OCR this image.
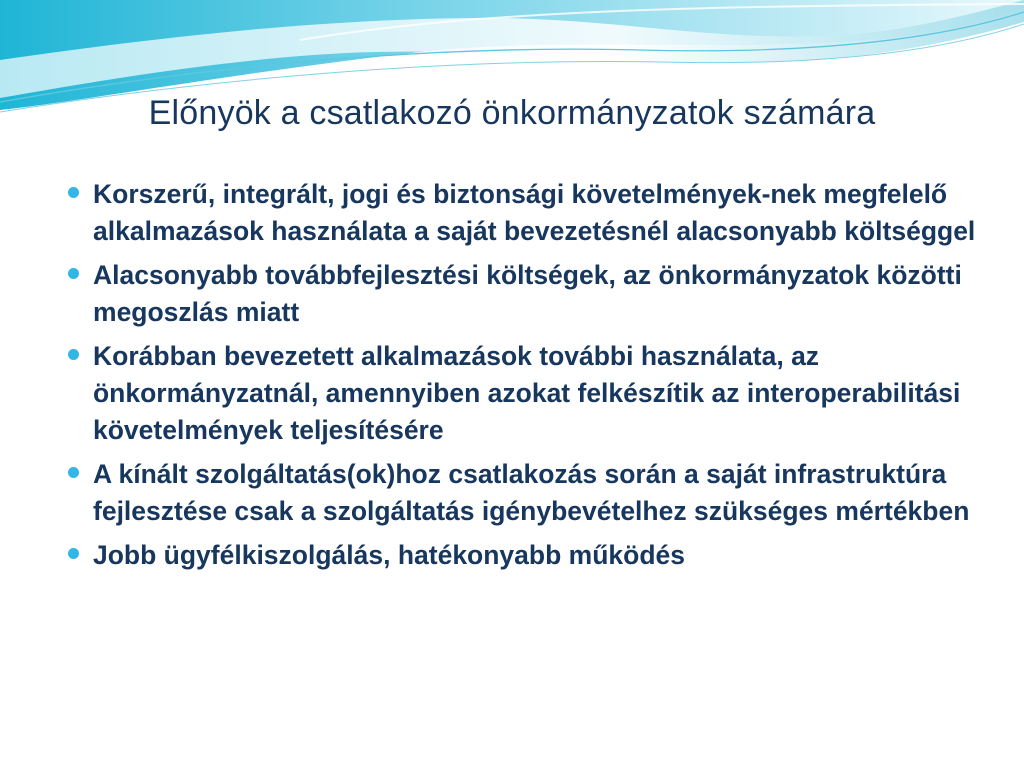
Előnyök a csatlakozó önkormányzatok számára
Korszerű, integrált, jogi és biztonsági követelmények-nek megfelelő alkalmazások használata a saját bevezetésnél alacsonyabb költséggel
Alacsonyabb továbbfejlesztési költségek, az önkormányzatok közötti megoszlás miatt
Korábban bevezetett alkalmazások további használata, az önkormányzatnál, amennyiben azokat felkészítik az interoperabilitási követelmények teljesítésére
A kínált szolgáltatás(ok)hoz csatlakozás során a saját infrastruktúra fejlesztése csak a szolgáltatás igénybevételhez szükséges mértékben
Jobb ügyfélkiszolgálás, hatékonyabb működés
